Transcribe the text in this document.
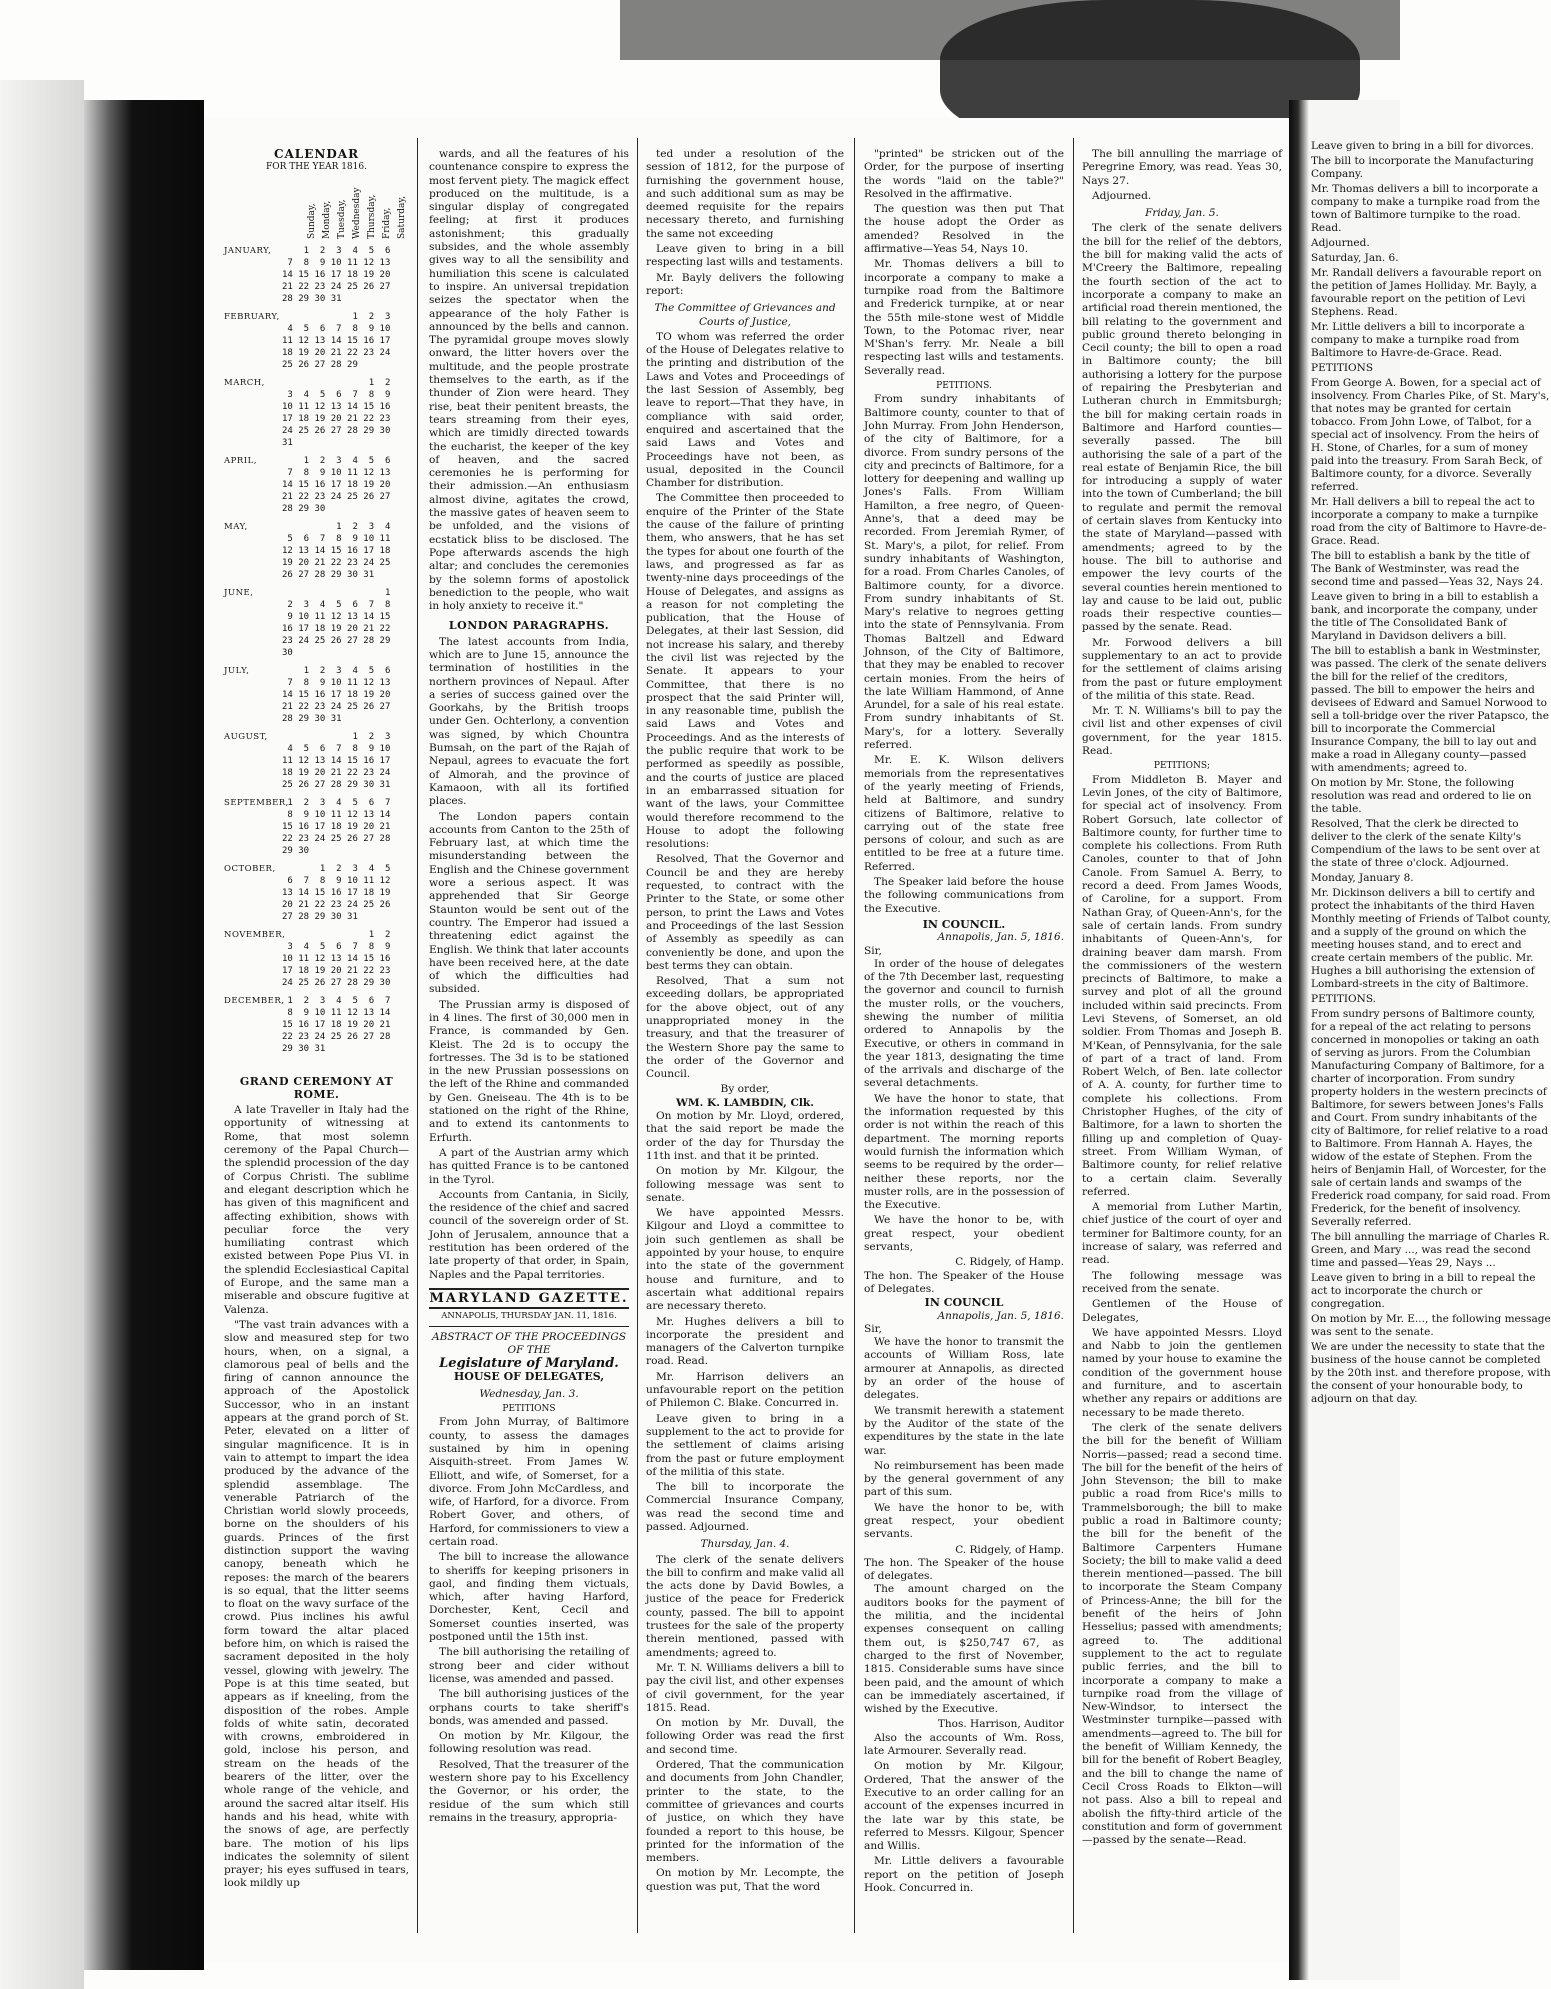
CALENDAR
FOR THE YEAR 1816.
Sunday, Monday, Tuesday, Wednesday Thursday, Friday, Saturday,
JANUARY,	1  2  3  4  5  6
7  8  9 10 11 12 13
14 15 16 17 18 19 20
21 22 23 24 25 26 27
28 29 30 31
FEBRUARY, 1  2  3
4  5  6  7  8  9 10
11 12 13 14 15 16 17
18 19 20 21 22 23 24
25 26 27 28 29
MARCH,	1  2
3  4  5  6  7  8  9
10 11 12 13 14 15 16
17 18 19 20 21 22 23
24 25 26 27 28 29 30
31
APRIL,	1  2  3  4  5  6
7  8  9 10 11 12 13
14 15 16 17 18 19 20
21 22 23 24 25 26 27
28 29 30
MAY,	1  2  3  4
5  6  7  8  9 10 11
12 13 14 15 16 17 18
19 20 21 22 23 24 25
26 27 28 29 30 31
JUNE,	1
2  3  4  5  6  7  8
9 10 11 12 13 14 15
16 17 18 19 20 21 22
23 24 25 26 27 28 29
30
JULY,	1  2  3  4  5  6
7  8  9 10 11 12 13
14 15 16 17 18 19 20
21 22 23 24 25 26 27
28 29 30 31
AUGUST,	1  2  3
4  5  6  7  8  9 10
11 12 13 14 15 16 17
18 19 20 21 22 23 24
25 26 27 28 29 30 31
SEPTEMBER,
1  2  3  4  5  6  7
8  9 10 11 12 13 14
15 16 17 18 19 20 21
22 23 24 25 26 27 28
29 30
OCTOBER, 1  2  3  4  5
6  7  8  9 10 11 12
13 14 15 16 17 18 19
20 21 22 23 24 25 26
27 28 29 30 31
NOVEMBER,
1  2
3  4  5  6  7  8  9
10 11 12 13 14 15 16
17 18 19 20 21 22 23
24 25 26 27 28 29 30
DECEMBER,
1  2  3  4  5  6  7
8  9 10 11 12 13 14
15 16 17 18 19 20 21
22 23 24 25 26 27 28
29 30 31
GRAND CEREMONY AT ROME.

A late Traveller in Italy had the opportunity of witnessing at Rome, that most solemn ceremony of the Papal Church—the splendid procession of the day of Corpus Christi. The sublime and elegant description which he has given of this magnificent and affecting exhibition, shows with peculiar force the very humiliating contrast which existed between Pope Pius VI. in the splendid Ecclesiastical Capital of Europe, and the same man a miserable and obscure fugitive at Valenza.

"The vast train advances with a slow and measured step for two hours, when, on a signal, a clamorous peal of bells and the firing of cannon announce the approach of the Apostolick Successor, who in an instant appears at the grand porch of St. Peter, elevated on a litter of singular magnificence. It is in vain to attempt to impart the idea produced by the advance of the splendid assemblage. The venerable Patriarch of the Christian world slowly proceeds, borne on the shoulders of his guards. Princes of the first distinction support the waving canopy, beneath which he reposes: the march of the bearers is so equal, that the litter seems to float on the wavy surface of the crowd. Pius inclines his awful form toward the altar placed before him, on which is raised the sacrament deposited in the holy vessel, glowing with jewelry. The Pope is at this time seated, but appears as if kneeling, from the disposition of the robes. Ample folds of white satin, decorated with crowns, embroidered in gold, inclose his person, and stream on the heads of the bearers of the litter, over the whole range of the vehicle, and around the sacred altar itself. His hands and his head, white with the snows of age, are perfectly bare. The motion of his lips indicates the solemnity of silent prayer; his eyes suffused in tears, look mildly up

wards, and all the features of his countenance conspire to express the most fervent piety. The magick effect produced on the multitude, is a singular display of congregated feeling; at first it produces astonishment; this gradually subsides, and the whole assembly gives way to all the sensibility and humiliation this scene is calculated to inspire. An universal trepidation seizes the spectator when the appearance of the holy Father is announced by the bells and cannon. The pyramidal groupe moves slowly onward, the litter hovers over the multitude, and the people prostrate themselves to the earth, as if the thunder of Zion were heard. They rise, beat their penitent breasts, the tears streaming from their eyes, which are timidly directed towards the eucharist, the keeper of the key of heaven, and the sacred ceremonies he is performing for their admission.—An enthusiasm almost divine, agitates the crowd, the massive gates of heaven seem to be unfolded, and the visions of ecstatick bliss to be disclosed. The Pope afterwards ascends the high altar; and concludes the ceremonies by the solemn forms of apostolick benediction to the people, who wait in holy anxiety to receive it."

LONDON PARAGRAPHS.

The latest accounts from India, which are to June 15, announce the termination of hostilities in the northern provinces of Nepaul. After a series of success gained over the Goorkahs, by the British troops under Gen. Ochterlony, a convention was signed, by which Chountra Bumsah, on the part of the Rajah of Nepaul, agrees to evacuate the fort of Almorah, and the province of Kamaoon, with all its fortified places.

The London papers contain accounts from Canton to the 25th of February last, at which time the misunderstanding between the English and the Chinese government wore a serious aspect. It was apprehended that Sir George Staunton would be sent out of the country. The Emperor had issued a threatening edict against the English. We think that later accounts have been received here, at the date of which the difficulties had subsided.

The Prussian army is disposed of in 4 lines. The first of 30,000 men in France, is commanded by Gen. Kleist. The 2d is to occupy the fortresses. The 3d is to be stationed in the new Prussian possessions on the left of the Rhine and commanded by Gen. Gneiseau. The 4th is to be stationed on the right of the Rhine, and to extend its cantonments to Erfurth.

A part of the Austrian army which has quitted France is to be cantoned in the Tyrol.

Accounts from Cantania, in Sicily, the residence of the chief and sacred council of the sovereign order of St. John of Jerusalem, announce that a restitution has been ordered of the late property of that order, in Spain, Naples and the Papal territories.

MARYLAND GAZETTE.
ANNAPOLIS, THURSDAY JAN. 11, 1816.
ABSTRACT OF THE PROCEEDINGS OF THE
Legislature of Maryland.
HOUSE OF DELEGATES,
Wednesday, Jan. 3.
PETITIONS

From John Murray, of Baltimore county, to assess the damages sustained by him in opening Aisquith-street. From James W. Elliott, and wife, of Somerset, for a divorce. From John McCardless, and wife, of Harford, for a divorce. From Robert Gover, and others, of Harford, for commissioners to view a certain road.

The bill to increase the allowance to sheriffs for keeping prisoners in gaol, and finding them victuals, which, after having Harford, Dorchester, Kent, Cecil and Somerset counties inserted, was postponed until the 15th inst.

The bill authorising the retailing of strong beer and cider without license, was amended and passed.

The bill authorising justices of the orphans courts to take sheriff's bonds, was amended and passed.

On motion by Mr. Kilgour, the following resolution was read.

Resolved, That the treasurer of the western shore pay to his Excellency the Governor, or his order, the residue of the sum which still remains in the treasury, appropria-

ted under a resolution of the session of 1812, for the purpose of furnishing the government house, and such additional sum as may be deemed requisite for the repairs necessary thereto, and furnishing the same not exceeding

Leave given to bring in a bill respecting last wills and testaments.

Mr. Bayly delivers the following report:

The Committee of Grievances and Courts of Justice,

TO whom was referred the order of the House of Delegates relative to the printing and distribution of the Laws and Votes and Proceedings of the last Session of Assembly, beg leave to report—That they have, in compliance with said order, enquired and ascertained that the said Laws and Votes and Proceedings have not been, as usual, deposited in the Council Chamber for distribution.

The Committee then proceeded to enquire of the Printer of the State the cause of the failure of printing them, who answers, that he has set the types for about one fourth of the laws, and progressed as far as twenty-nine days proceedings of the House of Delegates, and assigns as a reason for not completing the publication, that the House of Delegates, at their last Session, did not increase his salary, and thereby the civil list was rejected by the Senate. It appears to your Committee, that there is no prospect that the said Printer will, in any reasonable time, publish the said Laws and Votes and Proceedings. And as the interests of the public require that work to be performed as speedily as possible, and the courts of justice are placed in an embarrassed situation for want of the laws, your Committee would therefore recommend to the House to adopt the following resolutions:

Resolved, That the Governor and Council be and they are hereby requested, to contract with the Printer to the State, or some other person, to print the Laws and Votes and Proceedings of the last Session of Assembly as speedily as can conveniently be done, and upon the best terms they can obtain.

Resolved, That a sum not exceeding dollars, be appropriated for the above object, out of any unappropriated money in the treasury, and that the treasurer of the Western Shore pay the same to the order of the Governor and Council.

By order,
WM. K. LAMBDIN, Clk.

On motion by Mr. Lloyd, ordered, that the said report be made the order of the day for Thursday the 11th inst. and that it be printed.

On motion by Mr. Kilgour, the following message was sent to senate.

We have appointed Messrs. Kilgour and Lloyd a committee to join such gentlemen as shall be appointed by your house, to enquire into the state of the government house and furniture, and to ascertain what additional repairs are necessary thereto.

Mr. Hughes delivers a bill to incorporate the president and managers of the Calverton turnpike road. Read.

Mr. Harrison delivers an unfavourable report on the petition of Philemon C. Blake. Concurred in.

Leave given to bring in a supplement to the act to provide for the settlement of claims arising from the past or future employment of the militia of this state.

The bill to incorporate the Commercial Insurance Company, was read the second time and passed. Adjourned.

Thursday, Jan. 4.

The clerk of the senate delivers the bill to confirm and make valid all the acts done by David Bowles, a justice of the peace for Frederick county, passed. The bill to appoint trustees for the sale of the property therein mentioned, passed with amendments; agreed to.

Mr. T. N. Williams delivers a bill to pay the civil list, and other expenses of civil government, for the year 1815. Read.

On motion by Mr. Duvall, the following Order was read the first and second time.

Ordered, That the communication and documents from John Chandler, printer to the state, to the committee of grievances and courts of justice, on which they have founded a report to this house, be printed for the information of the members.

On motion by Mr. Lecompte, the question was put, That the word

"printed" be stricken out of the Order, for the purpose of inserting the words "laid on the table?" Resolved in the affirmative.

The question was then put That the house adopt the Order as amended? Resolved in the affirmative—Yeas 54, Nays 10.

Mr. Thomas delivers a bill to incorporate a company to make a turnpike road from the Baltimore and Frederick turnpike, at or near the 55th mile-stone west of Middle Town, to the Potomac river, near M'Shan's ferry. Mr. Neale a bill respecting last wills and testaments. Severally read.

PETITIONS.

From sundry inhabitants of Baltimore county, counter to that of John Murray. From John Henderson, of the city of Baltimore, for a divorce. From sundry persons of the city and precincts of Baltimore, for a lottery for deepening and walling up Jones's Falls. From William Hamilton, a free negro, of Queen-Anne's, that a deed may be recorded. From Jeremiah Rymer, of St. Mary's, a pilot, for relief. From sundry inhabitants of Washington, for a road. From Charles Canoles, of Baltimore county, for a divorce. From sundry inhabitants of St. Mary's relative to negroes getting into the state of Pennsylvania. From Thomas Baltzell and Edward Johnson, of the City of Baltimore, that they may be enabled to recover certain monies. From the heirs of the late William Hammond, of Anne Arundel, for a sale of his real estate. From sundry inhabitants of St. Mary's, for a lottery. Severally referred.

Mr. E. K. Wilson delivers memorials from the representatives of the yearly meeting of Friends, held at Baltimore, and sundry citizens of Baltimore, relative to carrying out of the state free persons of colour, and such as are entitled to be free at a future time. Referred.

The Speaker laid before the house the following communications from the Executive.

IN COUNCIL.
Annapolis, Jan. 5, 1816.
Sir,

In order of the house of delegates of the 7th December last, requesting the governor and council to furnish the muster rolls, or the vouchers, shewing the number of militia ordered to Annapolis by the Executive, or others in command in the year 1813, designating the time of the arrivals and discharge of the several detachments.

We have the honor to state, that the information requested by this order is not within the reach of this department. The morning reports would furnish the information which seems to be required by the order—neither these reports, nor the muster rolls, are in the possession of the Executive.

We have the honor to be, with great respect, your obedient servants,

C. Ridgely, of Hamp.
The hon. The Speaker of the House of Delegates.
IN COUNCIL
Annapolis, Jan. 5, 1816.
Sir,

We have the honor to transmit the accounts of William Ross, late armourer at Annapolis, as directed by an order of the house of delegates.

We transmit herewith a statement by the Auditor of the state of the expenditures by the state in the late war.

No reimbursement has been made by the general government of any part of this sum.

We have the honor to be, with great respect, your obedient servants.

C. Ridgely, of Hamp.
The hon. The Speaker of the house of delegates.

The amount charged on the auditors books for the payment of the militia, and the incidental expenses consequent on calling them out, is $250,747 67, as charged to the first of November, 1815. Considerable sums have since been paid, and the amount of which can be immediately ascertained, if wished by the Executive.

Thos. Harrison, Auditor

Also the accounts of Wm. Ross, late Armourer. Severally read.

On motion by Mr. Kilgour, Ordered, That the answer of the Executive to an order calling for an account of the expenses incurred in the late war by this state, be referred to Messrs. Kilgour, Spencer and Willis.

Mr. Little delivers a favourable report on the petition of Joseph Hook. Concurred in.

The bill annulling the marriage of Peregrine Emory, was read. Yeas 30, Nays 27.

Adjourned.

Friday, Jan. 5.

The clerk of the senate delivers the bill for the relief of the debtors, the bill for making valid the acts of M'Creery the Baltimore, repealing the fourth section of the act to incorporate a company to make an artificial road therein mentioned, the bill relating to the government and public ground thereto belonging in Cecil county; the bill to open a road in Baltimore county; the bill authorising a lottery for the purpose of repairing the Presbyterian and Lutheran church in Emmitsburgh; the bill for making certain roads in Baltimore and Harford counties—severally passed. The bill authorising the sale of a part of the real estate of Benjamin Rice, the bill for introducing a supply of water into the town of Cumberland; the bill to regulate and permit the removal of certain slaves from Kentucky into the state of Maryland—passed with amendments; agreed to by the house. The bill to authorise and empower the levy courts of the several counties herein mentioned to lay and cause to be laid out, public roads their respective counties—passed by the senate. Read.

Mr. Forwood delivers a bill supplementary to an act to provide for the settlement of claims arising from the past or future employment of the militia of this state. Read.

Mr. T. N. Williams's bill to pay the civil list and other expenses of civil government, for the year 1815. Read.

PETITIONS;

From Middleton B. Mayer and Levin Jones, of the city of Baltimore, for special act of insolvency. From Robert Gorsuch, late collector of Baltimore county, for further time to complete his collections. From Ruth Canoles, counter to that of John Canole. From Samuel A. Berry, to record a deed. From James Woods, of Caroline, for a support. From Nathan Gray, of Queen-Ann's, for the sale of certain lands. From sundry inhabitants of Queen-Ann's, for draining beaver dam marsh. From the commissioners of the western precincts of Baltimore, to make a survey and plot of all the ground included within said precincts. From Levi Stevens, of Somerset, an old soldier. From Thomas and Joseph B. M'Kean, of Pennsylvania, for the sale of part of a tract of land. From Robert Welch, of Ben. late collector of A. A. county, for further time to complete his collections. From Christopher Hughes, of the city of Baltimore, for a lawn to shorten the filling up and completion of Quay-street. From William Wyman, of Baltimore county, for relief relative to a certain claim. Severally referred.

A memorial from Luther Martin, chief justice of the court of oyer and terminer for Baltimore county, for an increase of salary, was referred and read.

The following message was received from the senate.

Gentlemen of the House of Delegates,

We have appointed Messrs. Lloyd and Nabb to join the gentlemen named by your house to examine the condition of the government house and furniture, and to ascertain whether any repairs or additions are necessary to be made thereto.

The clerk of the senate delivers the bill for the benefit of William Norris—passed; read a second time. The bill for the benefit of the heirs of John Stevenson; the bill to make public a road from Rice's mills to Trammelsborough; the bill to make public a road in Baltimore county; the bill for the benefit of the Baltimore Carpenters Humane Society; the bill to make valid a deed therein mentioned—passed. The bill to incorporate the Steam Company of Princess-Anne; the bill for the benefit of the heirs of John Hesselius; passed with amendments; agreed to. The additional supplement to the act to regulate public ferries, and the bill to incorporate a company to make a turnpike road from the village of New-Windsor, to intersect the Westminster turnpike—passed with amendments—agreed to. The bill for the benefit of William Kennedy, the bill for the benefit of Robert Beagley, and the bill to change the name of Cecil Cross Roads to Elkton—will not pass. Also a bill to repeal and abolish the fifty-third article of the constitution and form of government—passed by the senate—Read.

Leave given to bring in a bill for divorces.

The bill to incorporate the Manufacturing Company.

Mr. Thomas delivers a bill to incorporate a company to make a turnpike road from the town of Baltimore turnpike to the road. Read.

Adjourned.

Saturday, Jan. 6.

Mr. Randall delivers a favourable report on the petition of James Holliday. Mr. Bayly, a favourable report on the petition of Levi Stephens. Read.

Mr. Little delivers a bill to incorporate a company to make a turnpike road from Baltimore to Havre-de-Grace. Read.

PETITIONS

From George A. Bowen, for a special act of insolvency. From Charles Pike, of St. Mary's, that notes may be granted for certain tobacco. From John Lowe, of Talbot, for a special act of insolvency. From the heirs of H. Stone, of Charles, for a sum of money paid into the treasury. From Sarah Beck, of Baltimore county, for a divorce. Severally referred.

Mr. Hall delivers a bill to repeal the act to incorporate a company to make a turnpike road from the city of Baltimore to Havre-de-Grace. Read.

The bill to establish a bank by the title of The Bank of Westminster, was read the second time and passed—Yeas 32, Nays 24.

Leave given to bring in a bill to establish a bank, and incorporate the company, under the title of The Consolidated Bank of Maryland in Davidson delivers a bill.

The bill to establish a bank in Westminster, was passed. The clerk of the senate delivers the bill for the relief of the creditors, passed. The bill to empower the heirs and devisees of Edward and Samuel Norwood to sell a toll-bridge over the river Patapsco, the bill to incorporate the Commercial Insurance Company, the bill to lay out and make a road in Allegany county—passed with amendments; agreed to.

On motion by Mr. Stone, the following resolution was read and ordered to lie on the table.

Resolved, That the clerk be directed to deliver to the clerk of the senate Kilty's Compendium of the laws to be sent over at the state of three o'clock. Adjourned.

Monday, January 8.

Mr. Dickinson delivers a bill to certify and protect the inhabitants of the third Haven Monthly meeting of Friends of Talbot county, and a supply of the ground on which the meeting houses stand, and to erect and create certain members of the public. Mr. Hughes a bill authorising the extension of Lombard-streets in the city of Baltimore.

PETITIONS.

From sundry persons of Baltimore county, for a repeal of the act relating to persons concerned in monopolies or taking an oath of serving as jurors. From the Columbian Manufacturing Company of Baltimore, for a charter of incorporation. From sundry property holders in the western precincts of Baltimore, for sewers between Jones's Falls and Court. From sundry inhabitants of the city of Baltimore, for relief relative to a road to Baltimore. From Hannah A. Hayes, the widow of the estate of Stephen. From the heirs of Benjamin Hall, of Worcester, for the sale of certain lands and swamps of the Frederick road company, for said road. From Frederick, for the benefit of insolvency. Severally referred.

The bill annulling the marriage of Charles R. Green, and Mary ..., was read the second time and passed—Yeas 29, Nays ...

Leave given to bring in a bill to repeal the act to incorporate the church or congregation.

On motion by Mr. E..., the following message was sent to the senate.

We are under the necessity to state that the business of the house cannot be completed by the 20th inst. and therefore propose, with the consent of your honourable body, to adjourn on that day.
